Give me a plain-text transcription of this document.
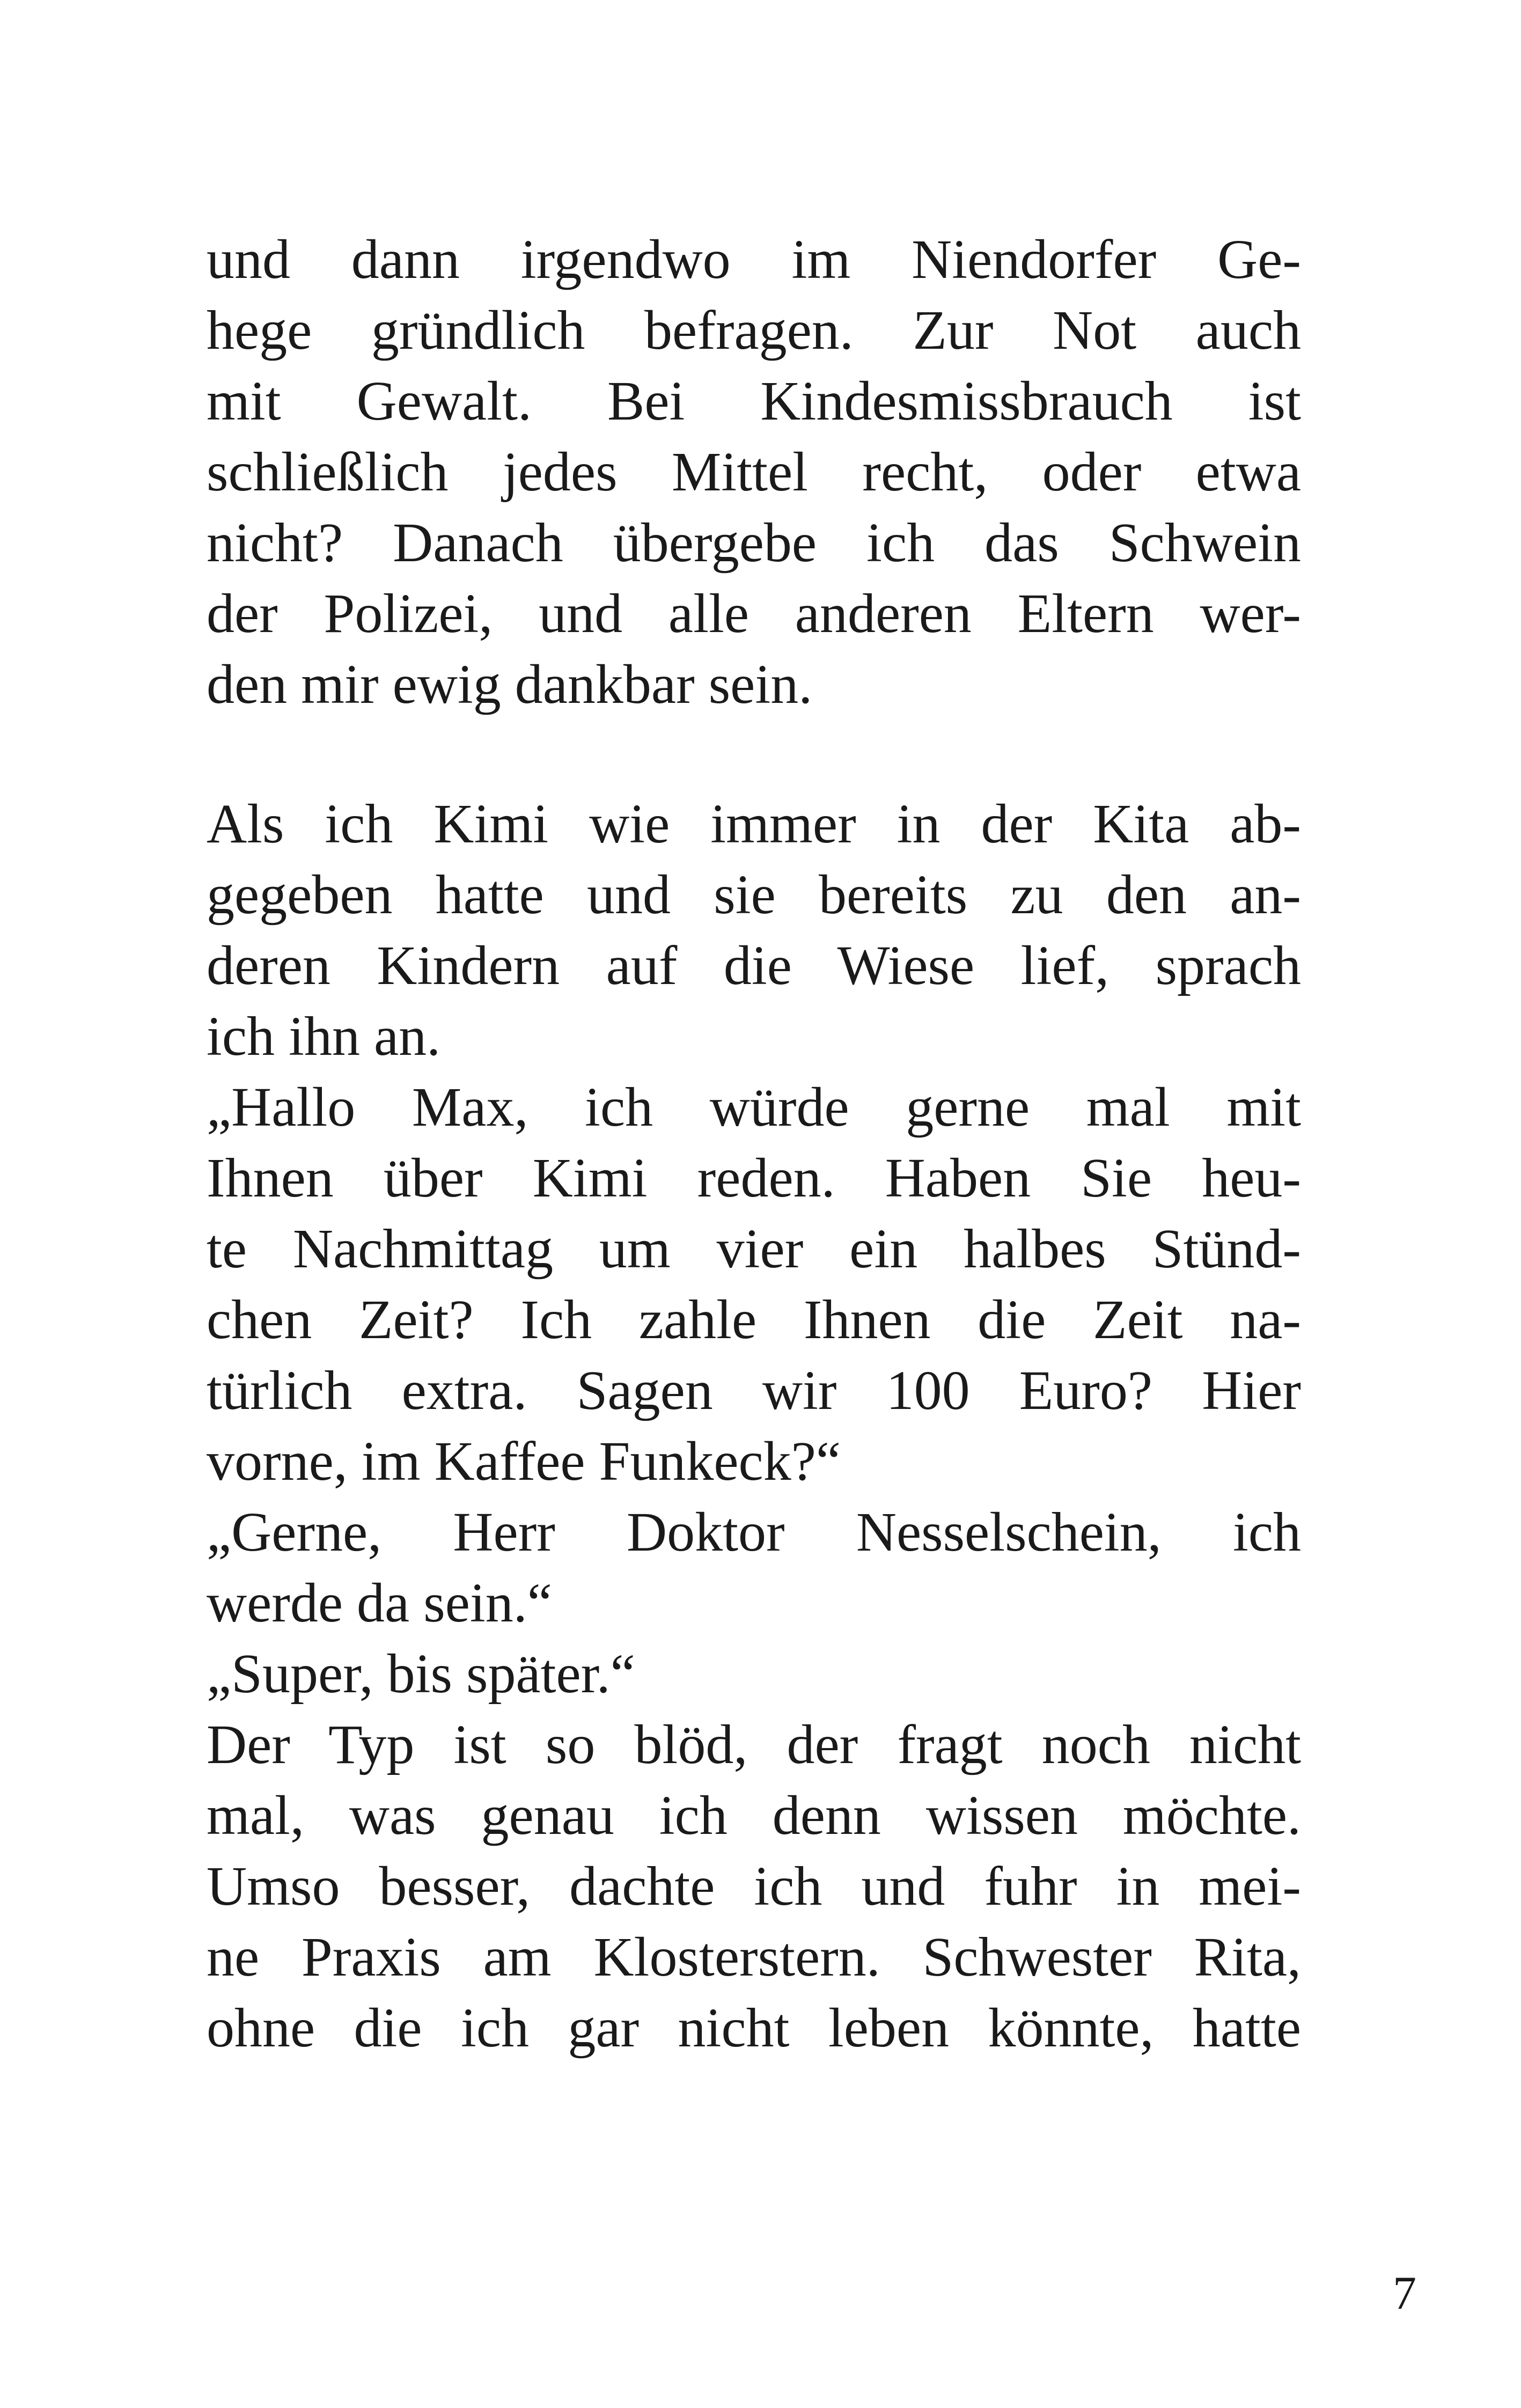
und dann irgendwo im Niendorfer Ge-
hege gründlich befragen. Zur Not auch
mit Gewalt. Bei Kindesmissbrauch ist
schließlich jedes Mittel recht, oder etwa
nicht? Danach übergebe ich das Schwein
der Polizei, und alle anderen Eltern wer-
den mir ewig dankbar sein.
Als ich Kimi wie immer in der Kita ab-
gegeben hatte und sie bereits zu den an-
deren Kindern auf die Wiese lief, sprach
ich ihn an.
„Hallo Max, ich würde gerne mal mit
Ihnen über Kimi reden. Haben Sie heu-
te Nachmittag um vier ein halbes Stünd-
chen Zeit? Ich zahle Ihnen die Zeit na-
türlich extra. Sagen wir 100 Euro? Hier
vorne, im Kaffee Funkeck?“
„Gerne, Herr Doktor Nesselschein, ich
werde da sein.“
„Super, bis später.“
Der Typ ist so blöd, der fragt noch nicht
mal, was genau ich denn wissen möchte.
Umso besser, dachte ich und fuhr in mei-
ne Praxis am Klosterstern. Schwester Rita,
ohne die ich gar nicht leben könnte, hatte
7
